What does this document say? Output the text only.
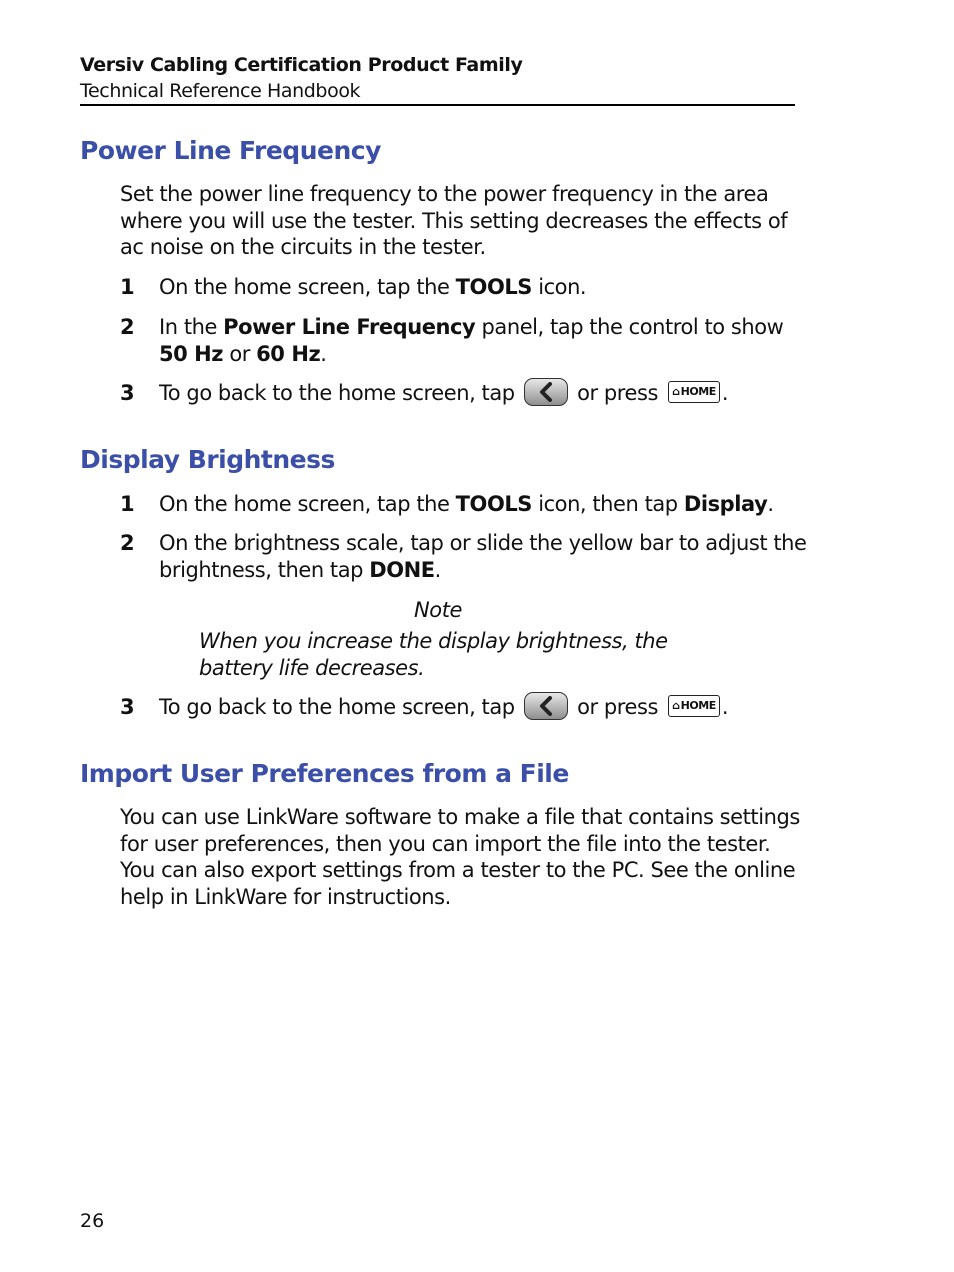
Versiv Cabling Certification Product Family
Technical Reference Handbook
Power Line Frequency

Set the power line frequency to the power frequency in the area where you will use the tester. This setting decreases the effects of ac noise on the circuits in the tester.

1 On the home screen, tap the TOOLS icon.
2 In the Power Line Frequency panel, tap the control to show 50 Hz or 60 Hz.
3 To go back to the home screen, tap
or press ⌂HOME .
Display Brightness
1 On the home screen, tap the TOOLS icon, then tap Display.
2 On the brightness scale, tap or slide the yellow bar to adjust the brightness, then tap DONE.
Note
When you increase the display brightness, the battery life decreases.
3 To go back to the home screen, tap
or press ⌂HOME .
Import User Preferences from a File

You can use LinkWare software to make a file that contains settings for user preferences, then you can import the file into the tester. You can also export settings from a tester to the PC. See the online help in LinkWare for instructions.

26
